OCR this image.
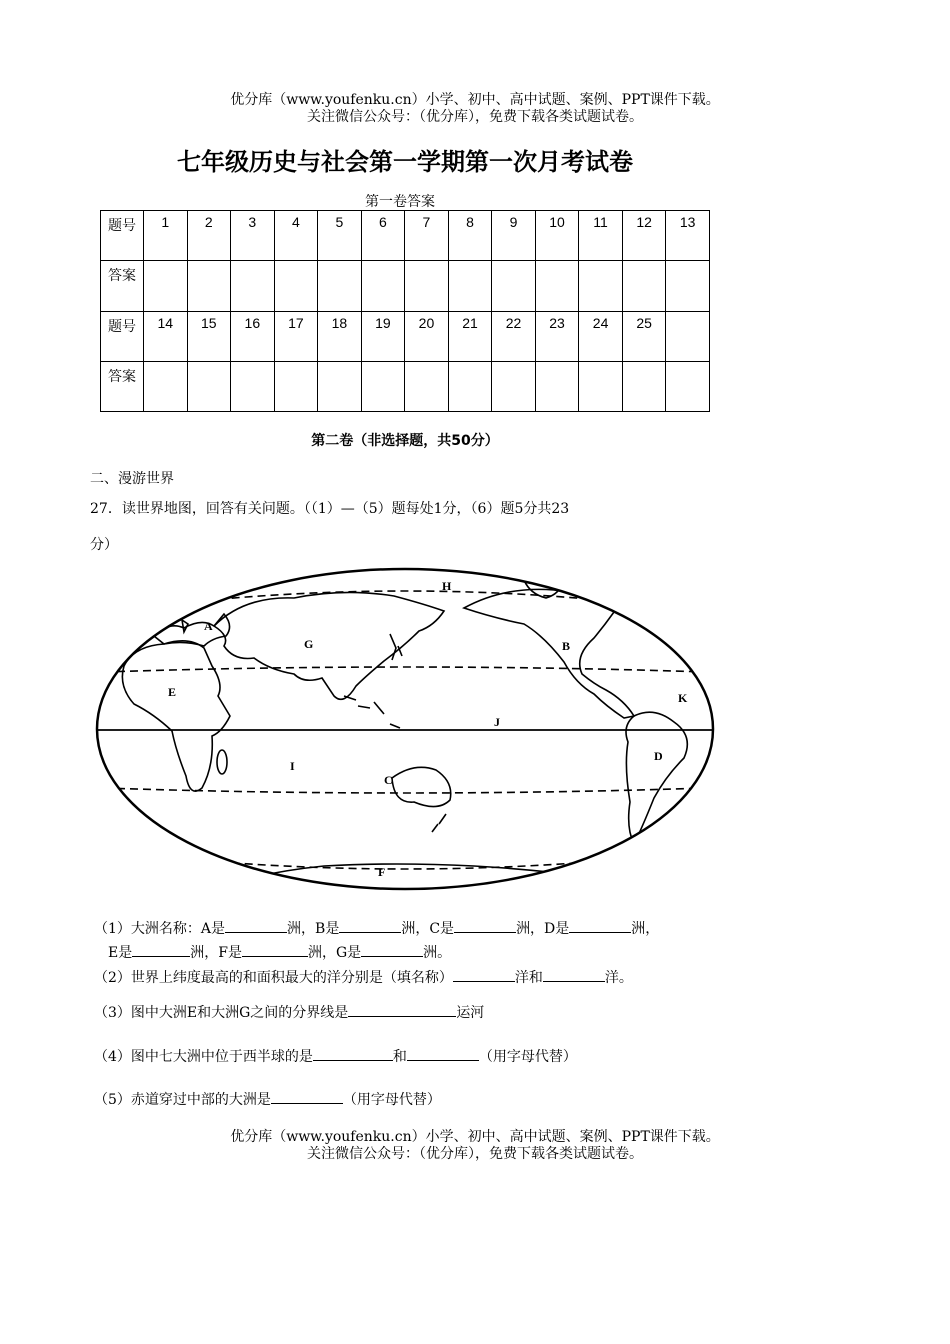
优分库（www.youfenku.cn）小学、初中、高中试题、案例、PPT课件下载。
关注微信公众号：（优分库），免费下载各类试题试卷。
七年级历史与社会第一学期第一次月考试卷
第一卷答案
题号	1	2	3	4	5	6	7	8	9	10	11	12	13
答案													
题号	14	15	16	17	18	19	20	21	22	23	24	25	
答案													
第二卷（非选择题，共50分）
二、漫游世界
27．读世界地图，回答有关问题。（（1）—（5）题每处1分，（6）题5分共23
分）
A
B
C
D
E
F
G
H
I
J
K
（1）大洲名称：A是	洲，B是	洲，C是	洲，D是	洲，
E是	洲，F是	洲，G是	洲。
（2）世界上纬度最高的和面积最大的洋分别是（填名称）	洋和	洋。
（3）图中大洲E和大洲G之间的分界线是	运河
（4）图中七大洲中位于西半球的是	和	（用字母代替）
（5）赤道穿过中部的大洲是	（用字母代替）
优分库（www.youfenku.cn）小学、初中、高中试题、案例、PPT课件下载。
关注微信公众号：（优分库），免费下载各类试题试卷。
